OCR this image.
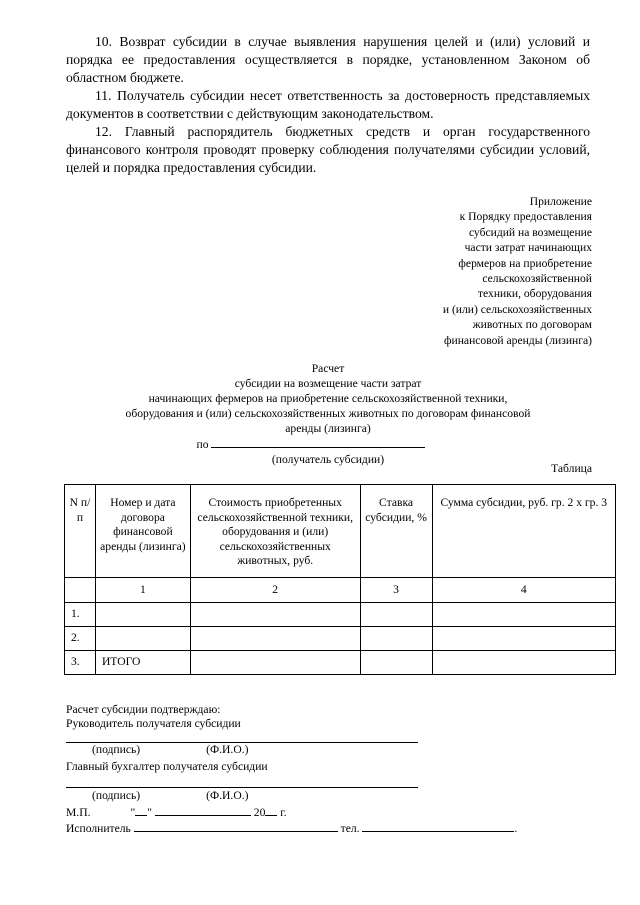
10. Возврат субсидии в случае выявления нарушения целей и (или) условий и порядка ее предоставления осуществляется в порядке, установленном Законом об областном бюджете.

11. Получатель субсидии несет ответственность за достоверность представляемых документов в соответствии с действующим законодательством.

12. Главный распорядитель бюджетных средств и орган государственного финансового контроля проводят проверку соблюдения получателями субсидии условий, целей и порядка предоставления субсидии.

Приложение
к Порядку предоставления
субсидий на возмещение
части затрат начинающих
фермеров на приобретение
сельскохозяйственной
техники, оборудования
и (или) сельскохозяйственных
животных по договорам
финансовой аренды (лизинга)
Расчет
субсидии на возмещение части затрат
начинающих фермеров на приобретение сельскохозяйственной техники,
оборудования и (или) сельскохозяйственных животных по договорам финансовой
аренды (лизинга)
по
(получатель субсидии)
Таблица
N п/п	Номер и дата договора финансовой аренды (лизинга)	Стоимость приобретенных сельскохозяйственной техники, оборудования и (или) сельскохозяйственных животных, руб.	Ставка субсидии, %	Сумма субсидии, руб. гр. 2 x гр. 3
	1	2	3	4
1.				
2.				
3.	ИТОГО			
Расчет субсидии подтверждаю:
Руководитель получателя субсидии
(подпись)	(Ф.И.О.)
Главный бухгалтер получателя субсидии
(подпись)	(Ф.И.О.)
М.П.	" "	20 г.
Исполнитель	тел.	.
